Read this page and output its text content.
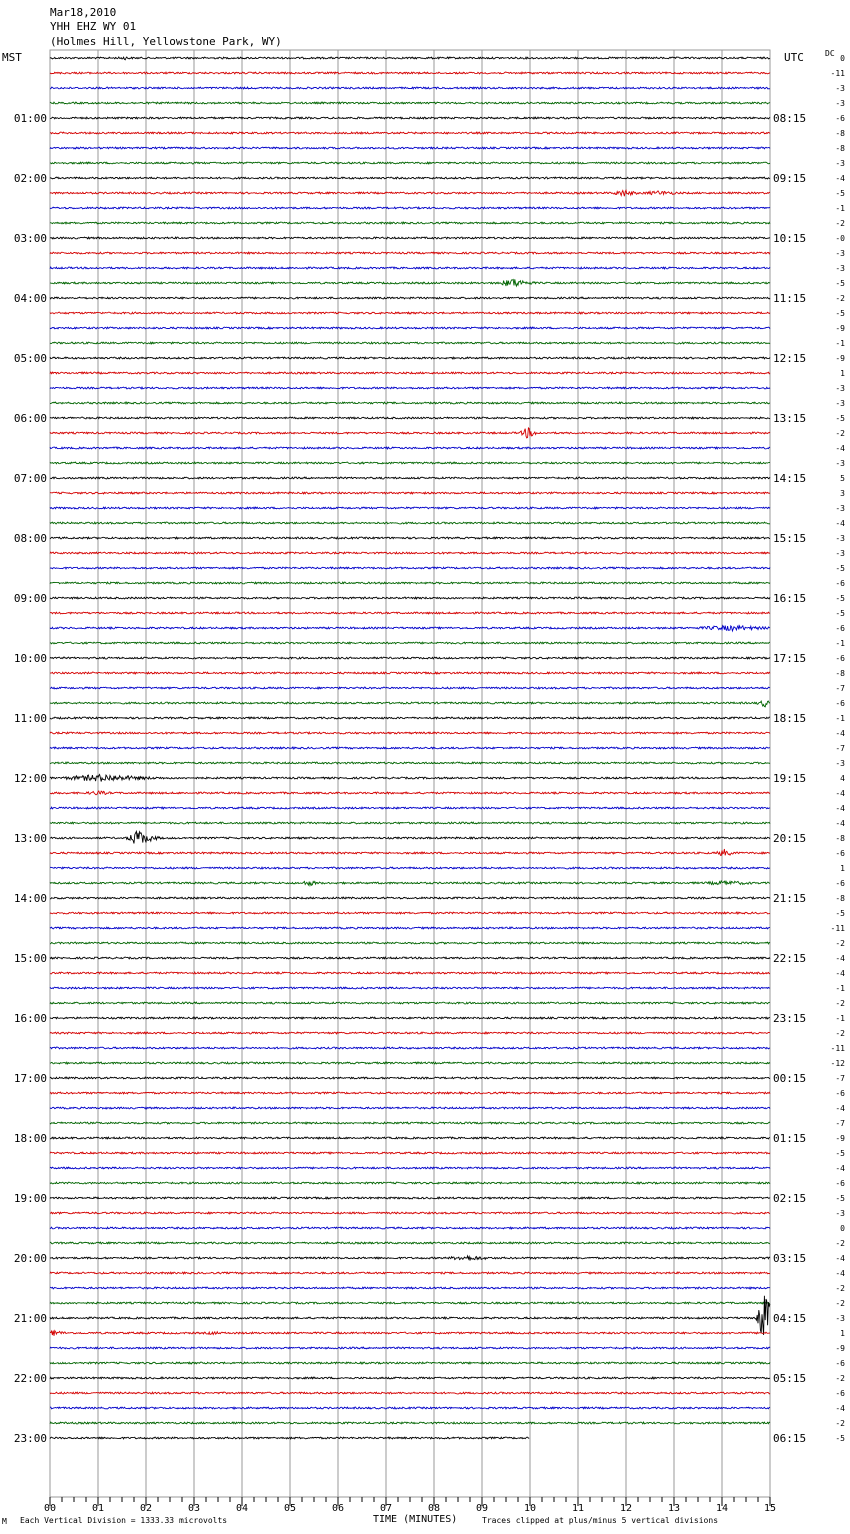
Mar18,2010
YHH EHZ WY 01
(Holmes Hill, Yellowstone Park, WY)
MST	UTC	DC
01:00
02:00
03:00
04:00
05:00
06:00
07:00
08:00
09:00
10:00
11:00
12:00
13:00
14:00
15:00
16:00
17:00
18:00
19:00
20:00
21:00
22:00
23:00
08:15
09:15
10:15
11:15
12:15
13:15
14:15
15:15
16:15
17:15
18:15
19:15
20:15
21:15
22:15
23:15
00:15
01:15
02:15
03:15
04:15
05:15
06:15
0
-11
-3
-3
-6
-8
-8
-3
-4
-5
-1
-2
-0
-3
-3
-5
-2
-5
-9
-1
-9
1
-3
-3
-5
-2
-4
-3
5
3
-3
-4
-3
-3
-5
-6
-5
-5
-6
-1
-6
-8
-7
-6
-1
-4
-7
-3
4
-4
-4
-4
-8
-6
1
-6
-8
-5
-11
-2
-4
-4
-1
-2
-1
-2
-11
-12
-7
-6
-4
-7
-9
-5
-4
-6
-5
-3
0
-2
-4
-4
-2
-2
-3
1
-9
-6
-2
-6
-4
-2
-5
00	01	02	03	04	05	06	07	08	09	10	11	12	13	14	15
M Each Vertical Division = 1333.33 microvolts	TIME (MINUTES)	Traces clipped at plus/minus 5 vertical divisions
